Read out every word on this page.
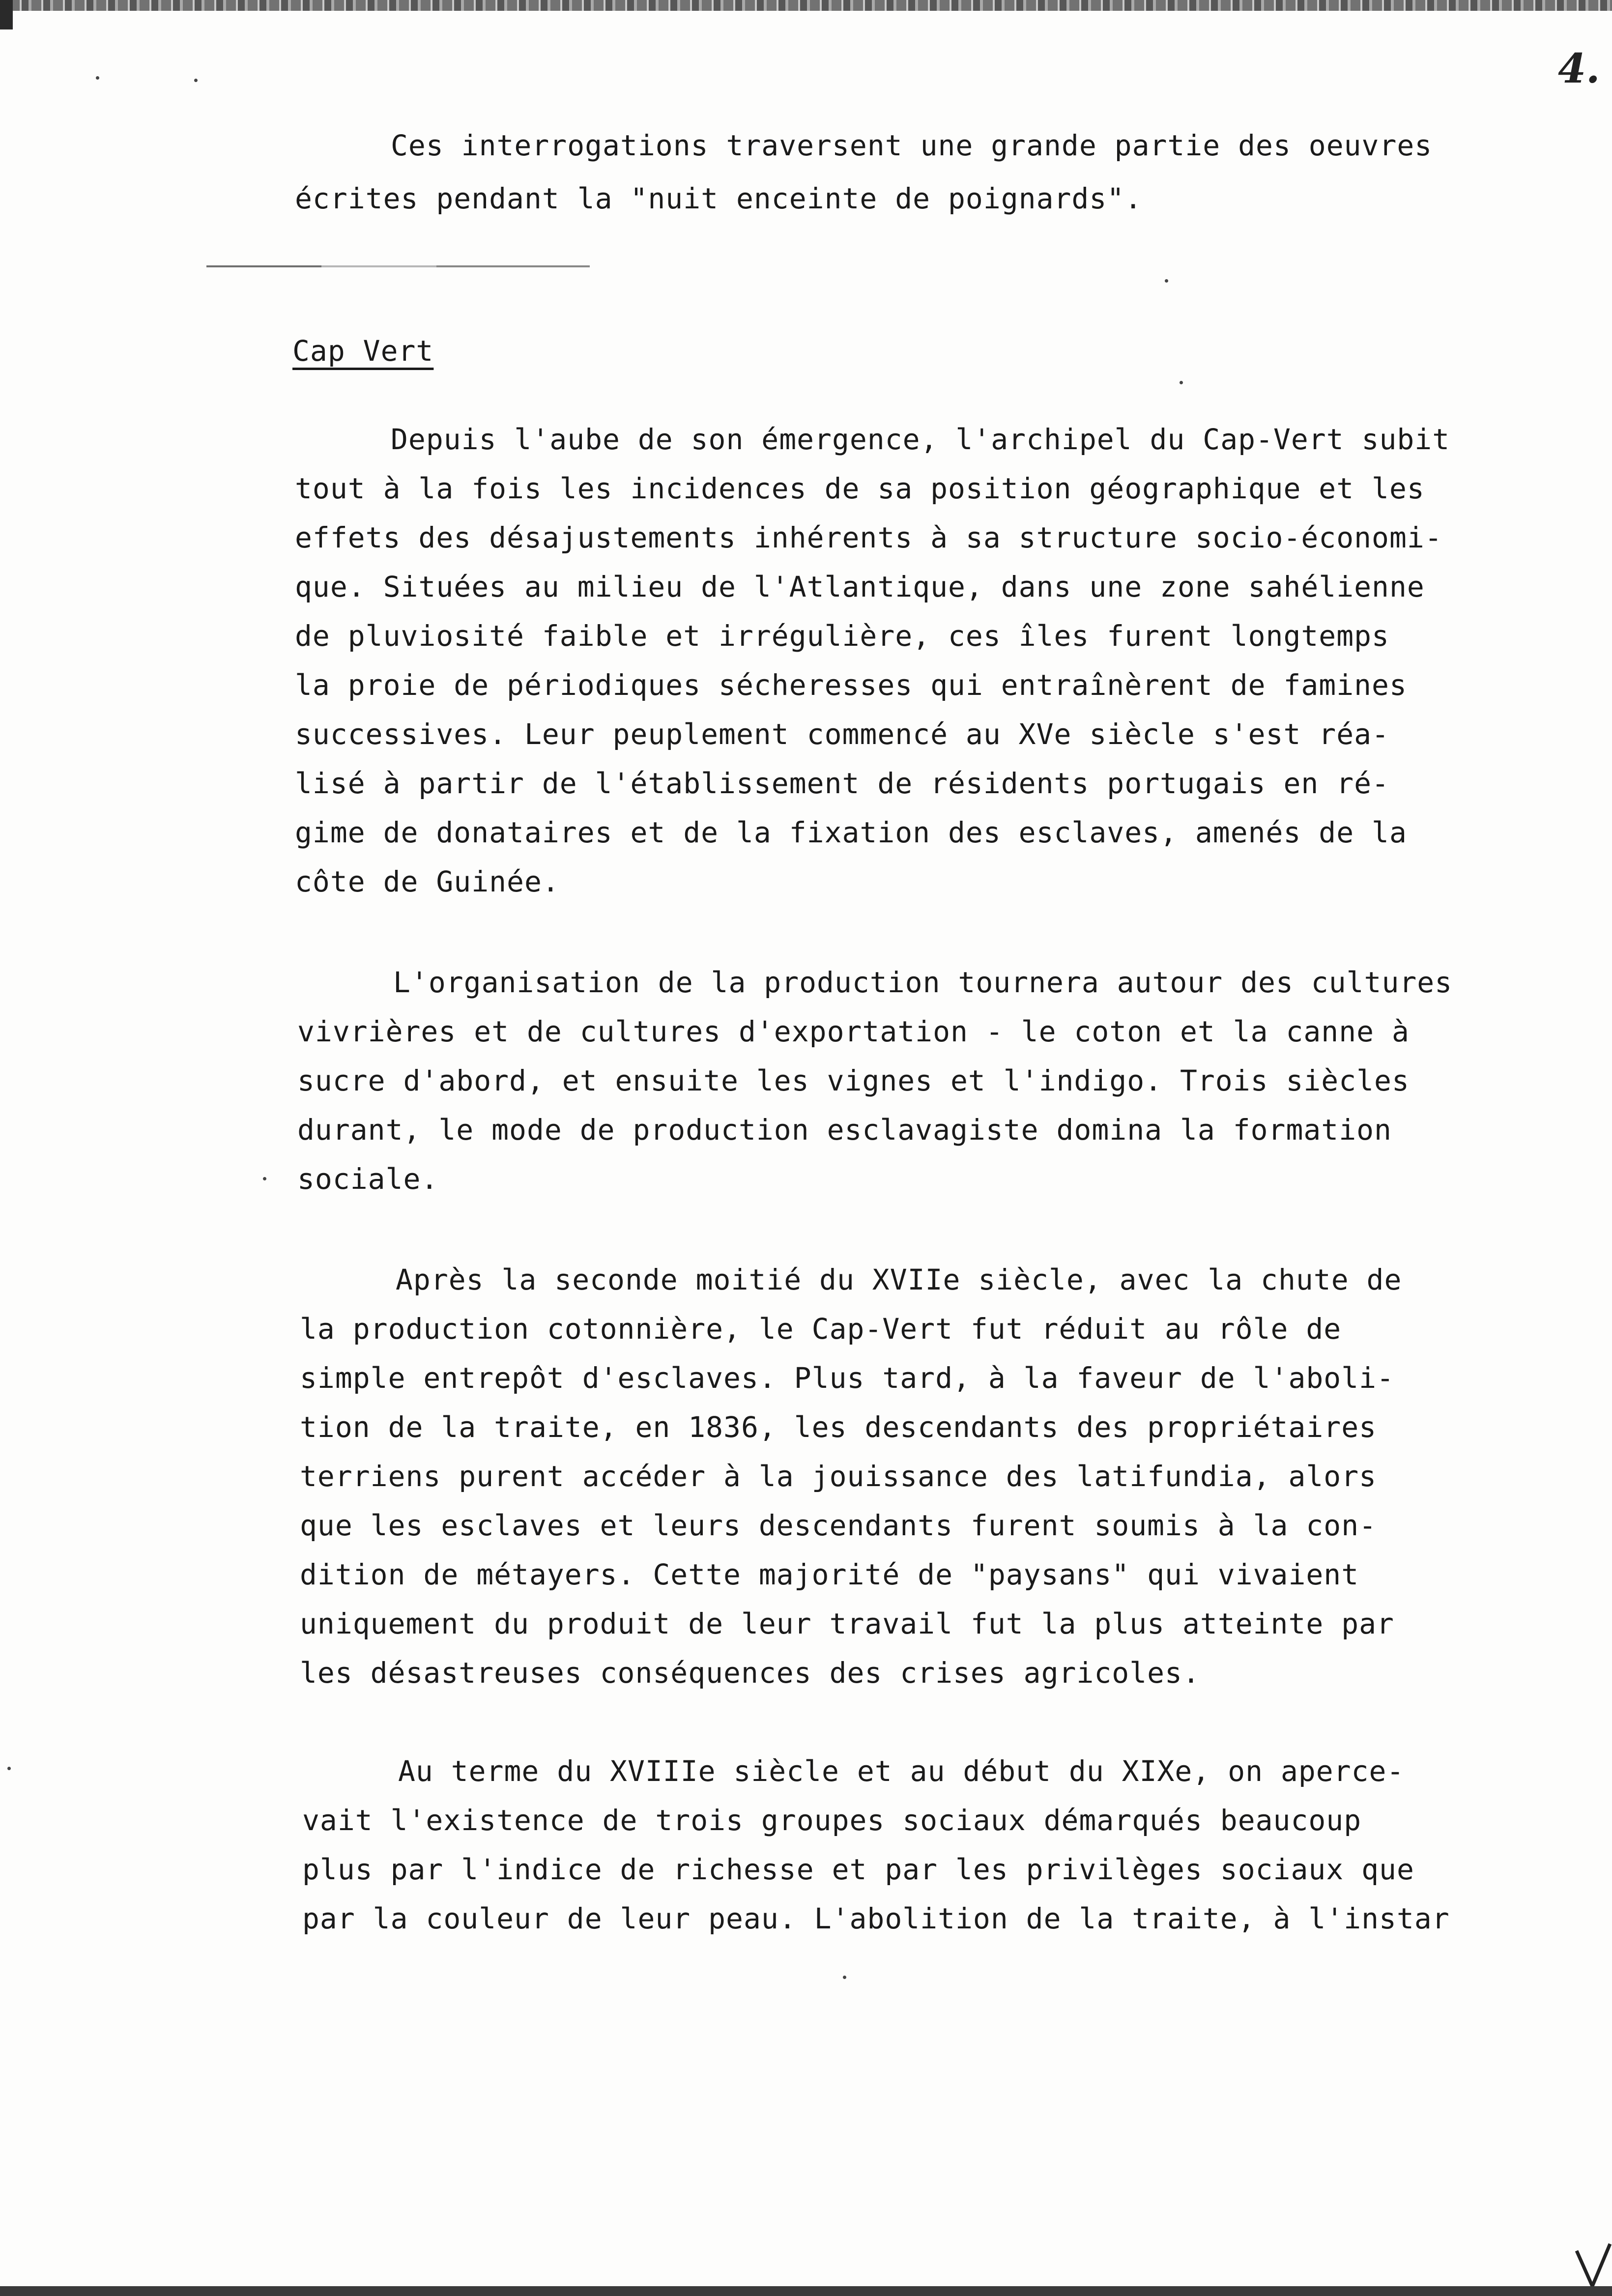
4.

Ces interrogations traversent une grande partie des oeuvres

écrites pendant la "nuit enceinte de poignards".

Cap Vert

Depuis l'aube de son émergence, l'archipel du Cap-Vert subit

tout à la fois les incidences de sa position géographique et les

effets des désajustements inhérents à sa structure socio-économi-

que. Situées au milieu de l'Atlantique, dans une zone sahélienne

de pluviosité faible et irrégulière, ces îles furent longtemps

la proie de périodiques sécheresses qui entraînèrent de famines

successives. Leur peuplement commencé au XVe siècle s'est réa-

lisé à partir de l'établissement de résidents portugais en ré-

gime de donataires et de la fixation des esclaves, amenés de la

côte de Guinée.

L'organisation de la production tournera autour des cultures

vivrières et de cultures d'exportation - le coton et la canne à

sucre d'abord, et ensuite les vignes et l'indigo. Trois siècles

durant, le mode de production esclavagiste domina la formation

sociale.

Après la seconde moitié du XVIIe siècle, avec la chute de

la production cotonnière, le Cap-Vert fut réduit au rôle de

simple entrepôt d'esclaves. Plus tard, à la faveur de l'aboli-

tion de la traite, en 1836, les descendants des propriétaires

terriens purent accéder à la jouissance des latifundia, alors

que les esclaves et leurs descendants furent soumis à la con-

dition de métayers. Cette majorité de "paysans" qui vivaient

uniquement du produit de leur travail fut la plus atteinte par

les désastreuses conséquences des crises agricoles.

Au terme du XVIIIe siècle et au début du XIXe, on aperce-

vait l'existence de trois groupes sociaux démarqués beaucoup

plus par l'indice de richesse et par les privilèges sociaux que

par la couleur de leur peau. L'abolition de la traite, à l'instar
